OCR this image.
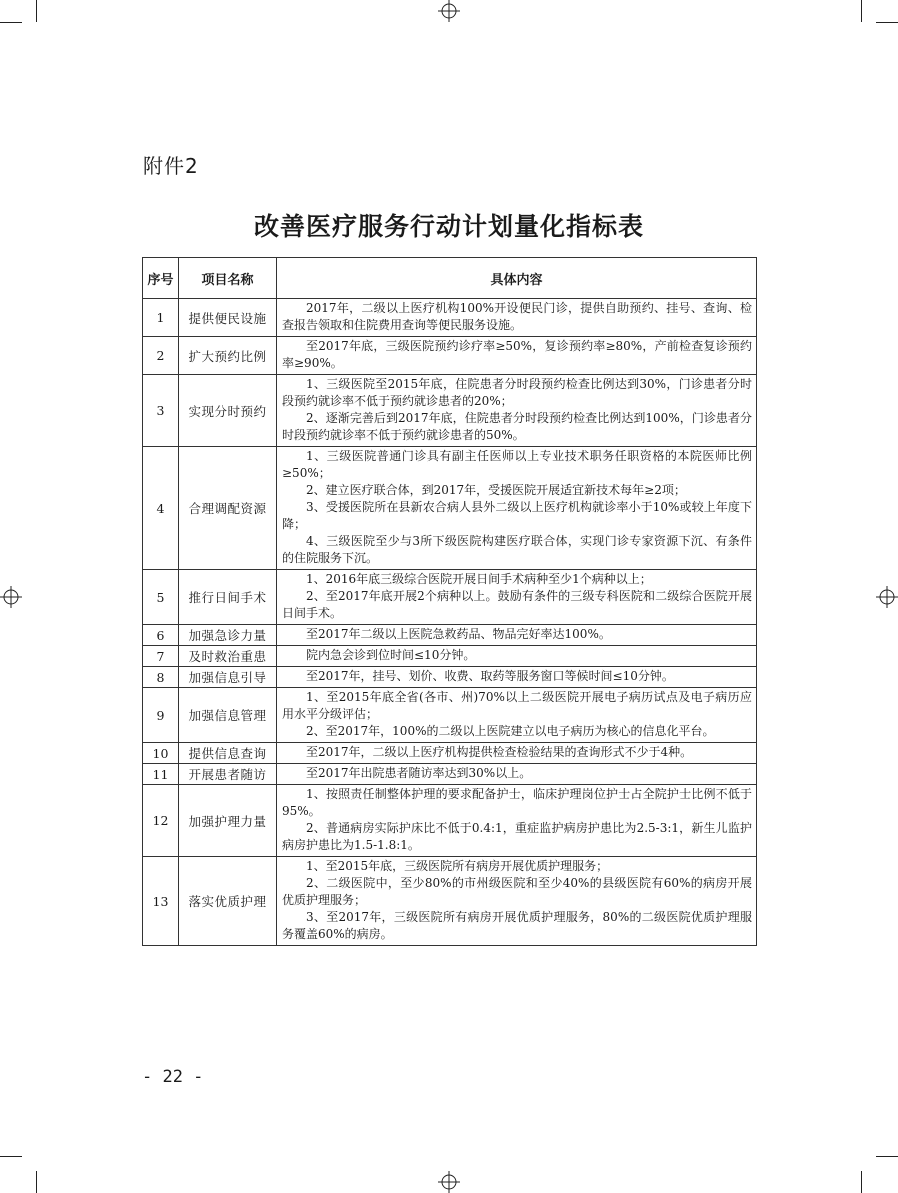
附件2
改善医疗服务行动计划量化指标表
序号	项目名称	具体内容
1	提供便民设施	2017年，二级以上医疗机构100%开设便民门诊，提供自助预约、挂号、查询、检查报告领取和住院费用查询等便民服务设施。

2	扩大预约比例	至2017年底，三级医院预约诊疗率≥50%，复诊预约率≥80%，产前检查复诊预约率≥90%。

3	实现分时预约	1、三级医院至2015年底，住院患者分时段预约检查比例达到30%，门诊患者分时段预约就诊率不低于预约就诊患者的20%；

2、逐渐完善后到2017年底，住院患者分时段预约检查比例达到100%，门诊患者分时段预约就诊率不低于预约就诊患者的50%。

4	合理调配资源	1、三级医院普通门诊具有副主任医师以上专业技术职务任职资格的本院医师比例≥50%；

2、建立医疗联合体，到2017年，受援医院开展适宜新技术每年≥2项；

3、受援医院所在县新农合病人县外二级以上医疗机构就诊率小于10%或较上年度下降；

4、三级医院至少与3所下级医院构建医疗联合体，实现门诊专家资源下沉、有条件的住院服务下沉。

5	推行日间手术	1、2016年底三级综合医院开展日间手术病种至少1个病种以上；

2、至2017年底开展2个病种以上。鼓励有条件的三级专科医院和二级综合医院开展日间手术。

6	加强急诊力量	至2017年二级以上医院急救药品、物品完好率达100%。

7	及时救治重患	院内急会诊到位时间≤10分钟。

8	加强信息引导	至2017年，挂号、划价、收费、取药等服务窗口等候时间≤10分钟。

9	加强信息管理	1、至2015年底全省(各市、州)70%以上二级医院开展电子病历试点及电子病历应用水平分级评估；

2、至2017年，100%的二级以上医院建立以电子病历为核心的信息化平台。

10	提供信息查询	至2017年，二级以上医疗机构提供检查检验结果的查询形式不少于4种。

11	开展患者随访	至2017年出院患者随访率达到30%以上。

12	加强护理力量	1、按照责任制整体护理的要求配备护士，临床护理岗位护士占全院护士比例不低于95%。

2、普通病房实际护床比不低于0.4:1，重症监护病房护患比为2.5-3:1，新生儿监护病房护患比为1.5-1.8:1。

13	落实优质护理	1、至2015年底，三级医院所有病房开展优质护理服务；

2、二级医院中，至少80%的市州级医院和至少40%的县级医院有60%的病房开展优质护理服务；

3、至2017年，三级医院所有病房开展优质护理服务，80%的二级医院优质护理服务覆盖60%的病房。

- 22 -
